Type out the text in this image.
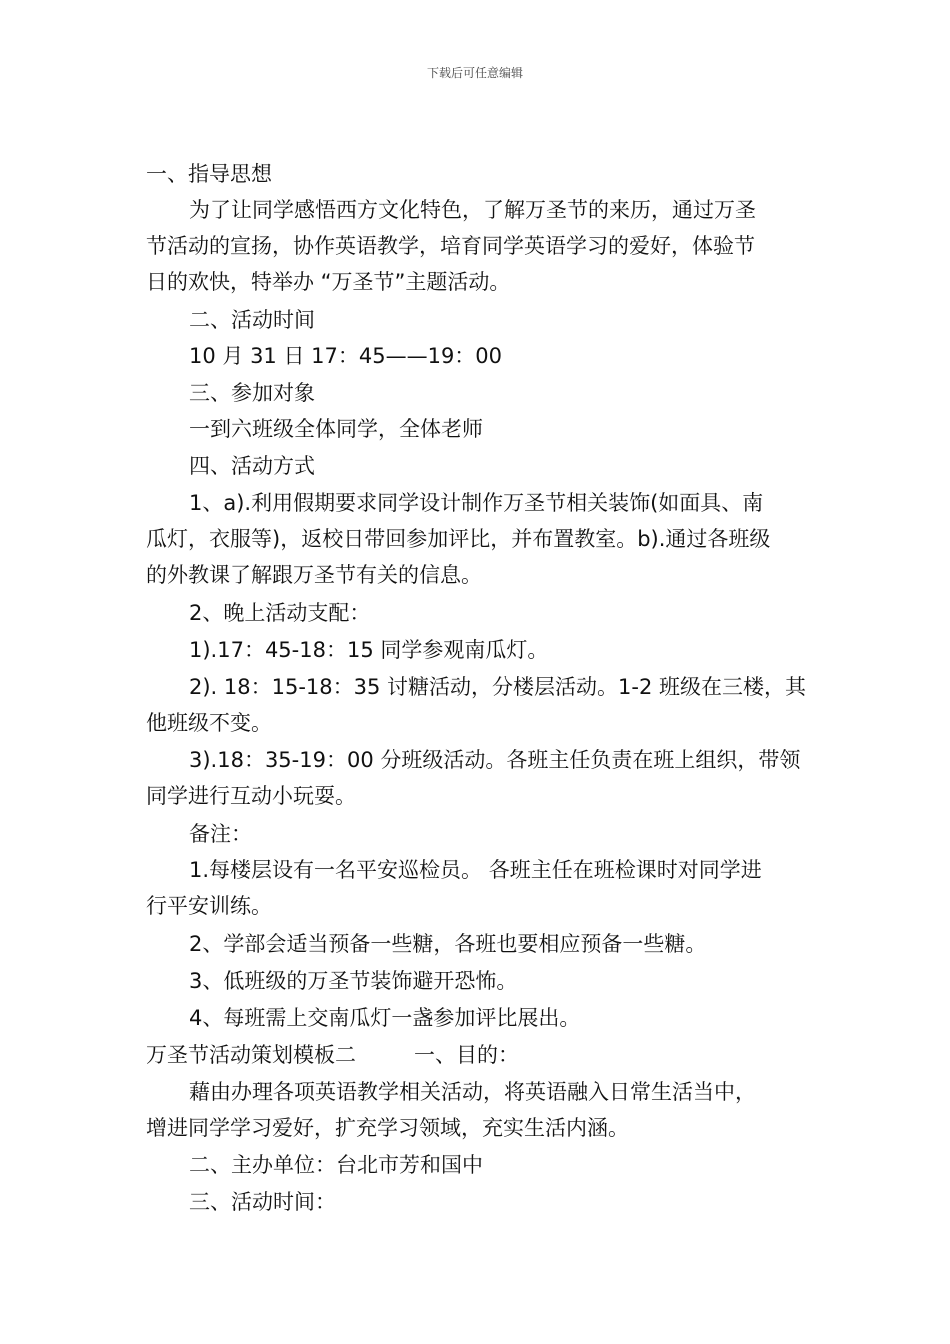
下载后可任意编辑
一、指导思想
为了让同学感悟西方文化特色，了解万圣节的来历，通过万圣
节活动的宣扬，协作英语教学，培育同学英语学习的爱好，体验节
日的欢快，特举办 “万圣节”主题活动。
二、活动时间
10 月 31 日 17：45——19：00
三、参加对象
一到六班级全体同学，全体老师
四、活动方式
1、a).利用假期要求同学设计制作万圣节相关装饰(如面具、南
瓜灯，衣服等)，返校日带回参加评比，并布置教室。b).通过各班级
的外教课了解跟万圣节有关的信息。
2、晚上活动支配：
1).17：45-18：15 同学参观南瓜灯。
2). 18：15-18：35 讨糖活动，分楼层活动。1-2 班级在三楼，其
他班级不变。
3).18：35-19：00 分班级活动。各班主任负责在班上组织，带领
同学进行互动小玩耍。
备注：
1.每楼层设有一名平安巡检员。 各班主任在班检课时对同学进
行平安训练。
2、学部会适当预备一些糖，各班也要相应预备一些糖。
3、低班级的万圣节装饰避开恐怖。
4、每班需上交南瓜灯一盏参加评比展出。
万圣节活动策划模板二	一、目的：
藉由办理各项英语教学相关活动，将英语融入日常生活当中，
增进同学学习爱好，扩充学习领域，充实生活内涵。
二、主办单位：台北市芳和国中
三、活动时间：
